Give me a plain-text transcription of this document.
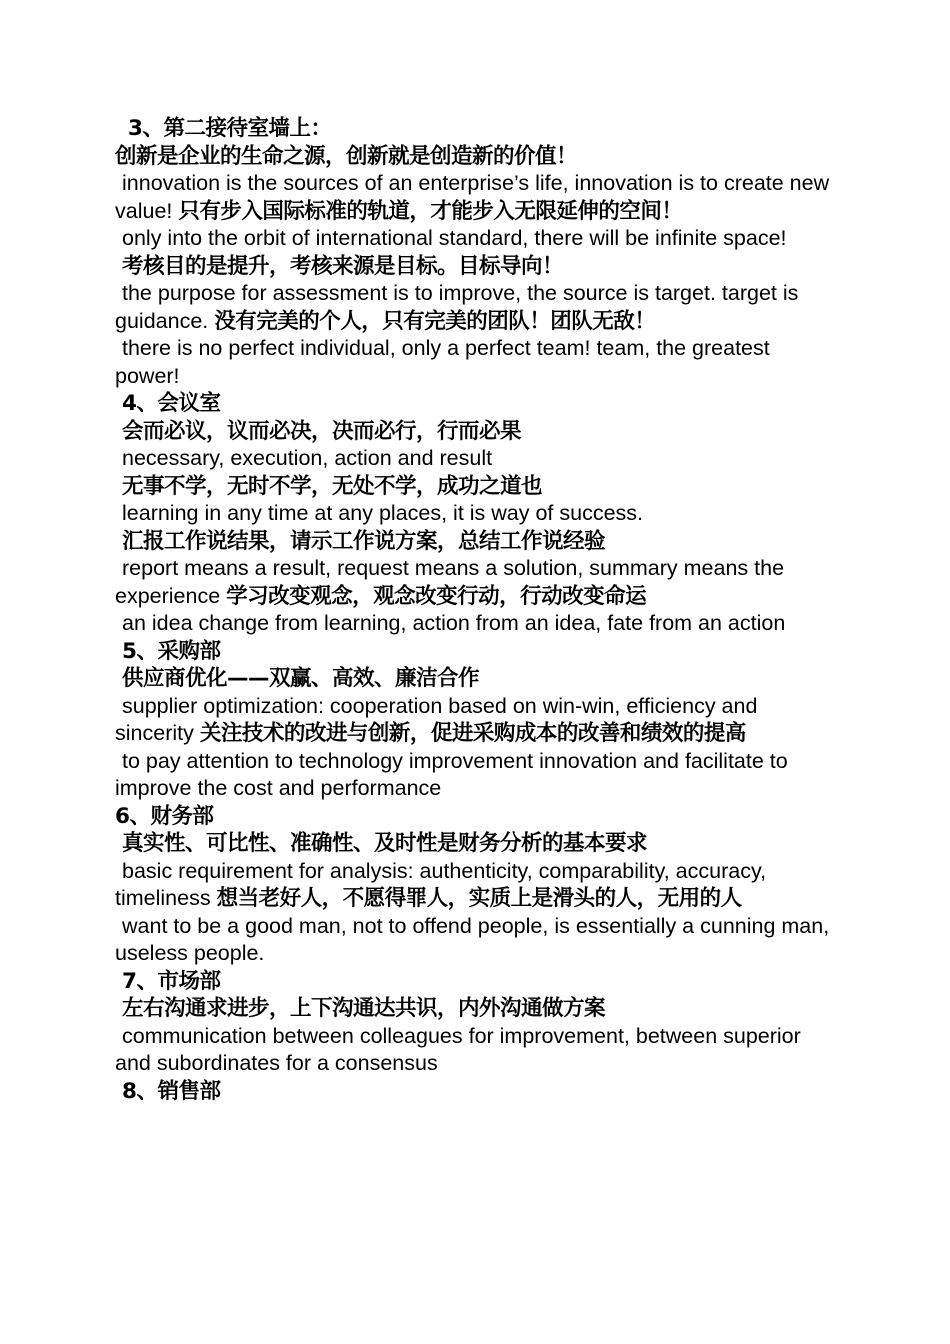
3、第二接待室墙上：

创新是企业的生命之源，创新就是创造新的价值！

innovation is the sources of an enterprise’s life, innovation is to create new value! 只有步入国际标准的轨道，才能步入无限延伸的空间！

only into the orbit of international standard, there will be infinite space!

考核目的是提升，考核来源是目标。目标导向！

the purpose for assessment is to improve, the source is target. target is guidance. 没有完美的个人，只有完美的团队！团队无敌！

there is no perfect individual, only a perfect team! team, the greatest power!

4、会议室

会而必议，议而必决，决而必行，行而必果

necessary, execution, action and result

无事不学，无时不学，无处不学，成功之道也

learning in any time at any places, it is way of success.

汇报工作说结果，请示工作说方案，总结工作说经验

report means a result, request means a solution, summary means the experience 学习改变观念，观念改变行动，行动改变命运

an idea change from learning, action from an idea, fate from an action

5、采购部

供应商优化——双赢、高效、廉洁合作

supplier optimization: cooperation based on win-win, efficiency and sincerity 关注技术的改进与创新，促进采购成本的改善和绩效的提高

to pay attention to technology improvement innovation and facilitate to improve the cost and performance

6、财务部

真实性、可比性、准确性、及时性是财务分析的基本要求

basic requirement for analysis: authenticity, comparability, accuracy, timeliness 想当老好人，不愿得罪人，实质上是滑头的人，无用的人

want to be a good man, not to offend people, is essentially a cunning man, useless people.

7、市场部

左右沟通求进步，上下沟通达共识，内外沟通做方案

communication between colleagues for improvement, between superior and subordinates for a consensus

8、销售部
